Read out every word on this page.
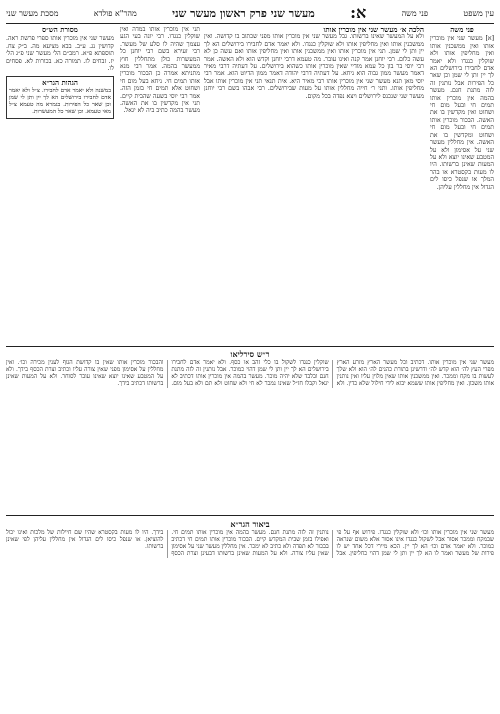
עין משפט
פני משה
א:
מעשר שני פרק ראשון מעשר שני
מהר"א פולדא
מסכת מעשר שני
פני משה

[א] מעשר שני אין מוכרין אותו ואין ממשכנין אותו ואין מחליפין אותו ולא שוקלין כנגדו ולא יאמר אדם לחבירו בירושלים הא לך יין ותן לי שמן וכן שאר כל הפירות אבל נותנין זה לזה מתנת חנם. מעשר בהמה אין מוכרין אותו תמים חי ובעל מום חי ושחוט ואין מקדשין בו את האשה. הבכור מוכרין אותו תמים חי ובעל מום חי ושחוט ומקדשין בו את האשה. אין מחללין מעשר שני על אסימון ולא על המטבע שאינו יוצא ולא על המעות שאינן ברשותו. היו לו מעות בקסטרא או בהר המלך או שנפל כיסו לים הגדול אין מחללין עליהן.

הלכה א׳ מעשר שני אין מוכרין אותו

ולא על המעשר שאינו ברשותו. גבל מעשר שני אין מוכרין אותו מפני שכתוב בו קדושה. ואין ממשכנין אותו ואין מחליפין אותו ולא שוקלין כנגדו. ולא יאמר אדם לחבירו בירושלים הא לך יין ותן לי שמן. תני אין מוכרין אותו ואין ממשכנין אותו ואין מחליפין אותו ואם עשה כן לא עשה כלום. רבי יוחנן אמר קנה ואינו עובר. מה טעמא דרבי יוחנן וקדש הוא ולא האשה. אמר רבי יוסי בר בון כל עמא מודיי שאין מוכרין אותו כשהוא בירושלים. על דעתיה דרבי מאיר דאמר מעשר ממון גבוה הוא ניחא. על דעתיה דרבי יהודה דאמר ממון הדיוט הוא. אמר רבי יוסי מאן תנא מעשר שני אין מוכרין אותו רבי מאיר היא. אית תנאי תני אין מוכרין אותו אבל מחליפין אותו. ותני ר׳ חייה מחללין אותו על מעות שבירושלים. רבי אבהו בשם רבי יוחנן מעשר שני שנכנס לירושלים ויצא נפדה בכל מקום.

תני אין מוכרין אותו במדה ואין שוקלין כנגדו. רבי יונה בעי הגע עצמך שהיה לו סלע של מעשר. רבי זעירא בשם רבי יוחנן כל המעשרות כולן מתחללין חוץ ממעשר בהמה. אמר רבי מנא מתניתא אמרה כן הבכור מוכרין אותו תמים חי. ניחא בעל מום חי ושחוט אלא תמים חי בזמן הזה. אמר רבי יוסי בשעה שהבית קיים. תני אין מקדשין בו את האשה. מעשר בהמה כתיב ביה לא יגאל.

מסורת הש״ס

מעשר שני אין מוכרין אותו ספרי פרשת ראה. קדושין נג. ע״ב. בבא מציעא מה. ב״ק צח. תוספתא פ״א. רמב״ם הל׳ מעשר שני פ״ג הל׳ יז. זבחים לז. תמורה כא. בכורות לא. פסחים לו.

הגהות הגר״א

במשנה ולא יאמר אדם לחבירו. צ״ל ולא יאמר אדם לחבירו בירושלים הא לך יין ותן לי שמן וכן שאר כל הפירות. בגמרא מה טעמא צ״ל מאי טעמא. וכן שאר כל המעשרות.

ר״ש סירליאו
מעשר שני אין מוכרין אותו. דכתיב וכל מעשר הארץ מזרע הארץ מפרי העץ לה׳ הוא קדש לה׳ ודרשינן בתורת כהנים לה׳ הוא ולא שלך לעשות בו מקח וממכר. ואין ממשכנין אותו שאין מלוין עליו ואין נותנין אותו משכון. ואין מחליפין אותו ששמא יבוא לידי חילול שלא כדין. ולא שוקלין כנגדו לשקול בו כלי זהב או כסף. ולא יאמר אדם לחבירו בירושלים הא לך יין ותן לי שמן דהוי כמוכר. אבל נותנין זה לזה מתנת חנם ובלבד שלא יהיה מוכר. מעשר בהמה אין מוכרין אותו דכתיב לא יגאל וקבלו חז״ל שאינו נמכר לא חי ולא שחוט ולא תם ולא בעל מום. והבכור מוכרין אותו שאין בו קדושת הגוף לענין מכירה וכו׳. ואין מחללין על אסימון מפני שאין צורה עליו וכתיב וצרת הכסף בידך. ולא על המטבע שאינו יוצא שאינו עובר לסוחר. ולא על המעות שאינן ברשותו דכתיב בידך.
ביאור הגר״א
מעשר שני אין מוכרין אותו וכו׳ ולא שוקלין כנגדו. פירוש אף על פי שבמקח וממכר אסור אבל לשקול כנגדו אינו אסור אלא משום שנראה כמוכר. ולא יאמר אדם וכו׳ הא לך יין. הכא מיירי דכל אחד יש לו פירות של מעשר ואמר לו הא לך יין ותן לי שמן דהוי כחליפין. אבל נותנין זה לזה מתנת חנם. מעשר בהמה אין מוכרין אותו תמים חי. ואפילו בזמן שבית המקדש קיים. הבכור מוכרין אותו תמים חי דכתיב בבכור לא תפדה ולא כתיב לא ימכר. אין מחללין מעשר שני על אסימון שאין עליו צורה. ולא על המעות שאינן ברשותו דבעינן וצרת הכסף בידך. היו לו מעות בקסטרא שהיו שם חיילות של מלכות ואינו יכול להוציאן. או שנפל כיסו לים הגדול אין מחללין עליהן לפי שאינן ברשותו.
